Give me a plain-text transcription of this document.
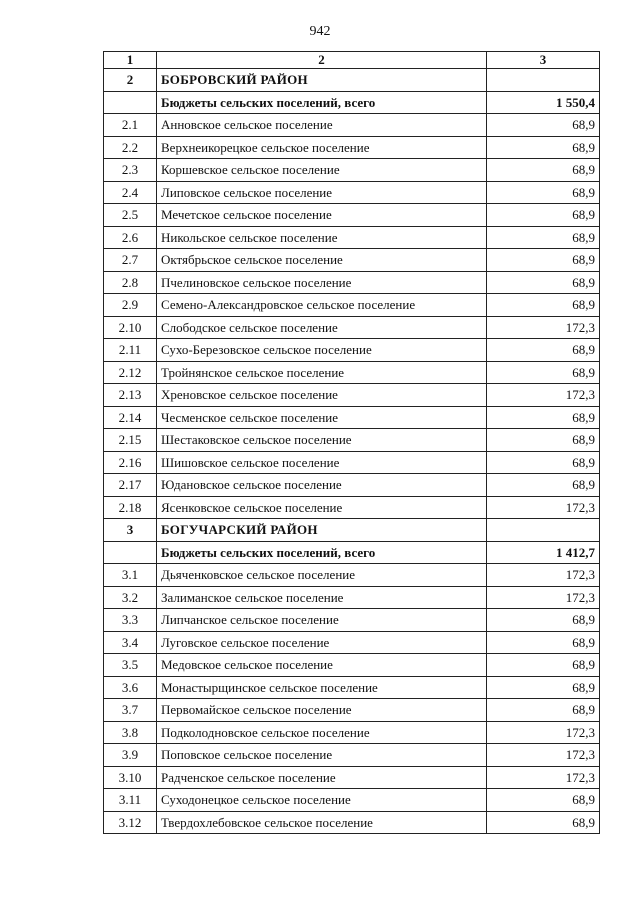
942
1	2	3
2	БОБРОВСКИЙ РАЙОН	
	Бюджеты сельских поселений, всего	1 550,4
2.1	Анновское сельское поселение	68,9
2.2	Верхнеикорецкое сельское поселение	68,9
2.3	Коршевское сельское поселение	68,9
2.4	Липовское сельское поселение	68,9
2.5	Мечетское сельское поселение	68,9
2.6	Никольское сельское поселение	68,9
2.7	Октябрьское сельское поселение	68,9
2.8	Пчелиновское сельское поселение	68,9
2.9	Семено-Александровское сельское поселение	68,9
2.10	Слободское сельское поселение	172,3
2.11	Сухо-Березовское сельское поселение	68,9
2.12	Тройнянское сельское поселение	68,9
2.13	Хреновское сельское поселение	172,3
2.14	Чесменское сельское поселение	68,9
2.15	Шестаковское сельское поселение	68,9
2.16	Шишовское сельское поселение	68,9
2.17	Юдановское сельское поселение	68,9
2.18	Ясенковское сельское поселение	172,3
3	БОГУЧАРСКИЙ РАЙОН	
	Бюджеты сельских поселений, всего	1 412,7
3.1	Дьяченковское сельское поселение	172,3
3.2	Залиманское сельское поселение	172,3
3.3	Липчанское сельское поселение	68,9
3.4	Луговское сельское поселение	68,9
3.5	Медовское сельское поселение	68,9
3.6	Монастырщинское сельское поселение	68,9
3.7	Первомайское сельское поселение	68,9
3.8	Подколодновское сельское поселение	172,3
3.9	Поповское сельское поселение	172,3
3.10	Радченское сельское поселение	172,3
3.11	Суходонецкое сельское поселение	68,9
3.12	Твердохлебовское сельское поселение	68,9
